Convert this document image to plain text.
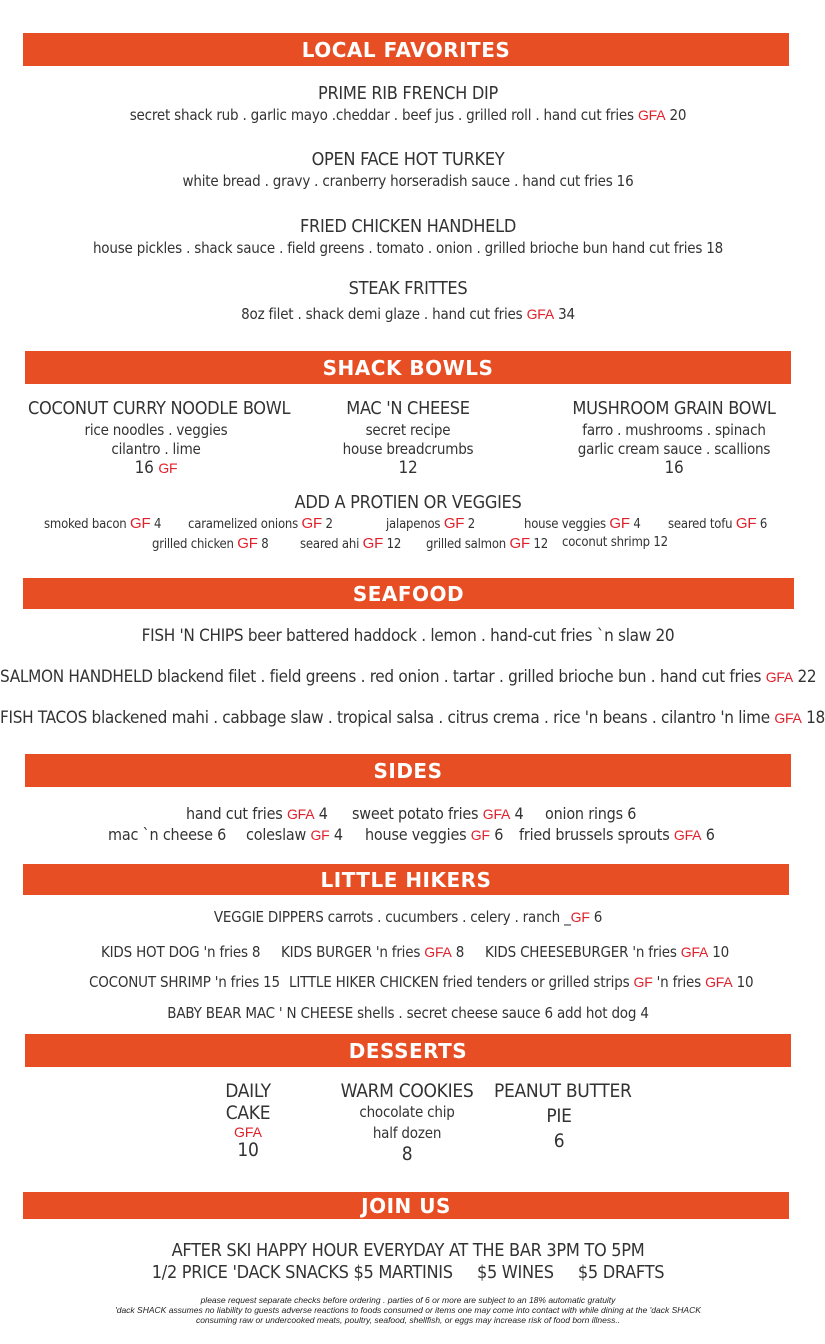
LOCAL FAVORITES
PRIME RIB FRENCH DIP
secret shack rub . garlic mayo .cheddar . beef jus . grilled roll . hand cut fries GFA 20
OPEN FACE HOT TURKEY
white bread . gravy . cranberry horseradish sauce . hand cut fries 16
FRIED CHICKEN HANDHELD
house pickles . shack sauce . field greens . tomato . onion . grilled brioche bun hand cut fries 18
STEAK FRITTES
8oz filet . shack demi glaze . hand cut fries GFA 34
SHACK BOWLS
COCONUT CURRY NOODLE BOWL
rice noodles . veggies
cilantro . lime
16 GF
MAC 'N CHEESE
secret recipe
house breadcrumbs
12
MUSHROOM GRAIN BOWL
farro . mushrooms . spinach
garlic cream sauce . scallions
16
ADD A PROTIEN OR VEGGIES
smoked bacon GF 4 caramelized onions GF 2	jalapenos GF 2	house veggies GF 4 seared tofu GF 6
grilled chicken GF 8 seared ahi GF 12 grilled salmon GF 12 coconut shrimp 12
SEAFOOD
FISH 'N CHIPS beer battered haddock . lemon . hand-cut fries `n slaw 20
SALMON HANDHELD blackend filet . field greens . red onion . tartar . grilled brioche bun . hand cut fries GFA 22
FISH TACOS blackened mahi . cabbage slaw . tropical salsa . citrus crema . rice 'n beans . cilantro 'n lime GFA 18
SIDES
hand cut fries GFA 4 sweet potato fries GFA 4 onion rings 6
mac `n cheese 6 coleslaw GF 4 house veggies GF 6 fried brussels sprouts GFA 6
LITTLE HIKERS
VEGGIE DIPPERS carrots . cucumbers . celery . ranch _GF 6
KIDS HOT DOG 'n fries 8 KIDS BURGER 'n fries GFA 8 KIDS CHEESEBURGER 'n fries GFA 10
COCONUT SHRIMP 'n fries 15 LITTLE HIKER CHICKEN fried tenders or grilled strips GF 'n fries GFA 10
BABY BEAR MAC ' N CHEESE shells . secret cheese sauce 6 add hot dog 4
DESSERTS
DAILY
CAKE
GFA
10
WARM COOKIES
chocolate chip
half dozen
8
PEANUT BUTTER
PIE
6
JOIN US
AFTER SKI HAPPY HOUR EVERYDAY AT THE BAR 3PM TO 5PM
1/2 PRICE 'DACK SNACKS $5 MARTINIS     $5 WINES     $5 DRAFTS
please request separate checks before ordering . parties of 6 or more are subject to an 18% automatic gratuity
'dack SHACK assumes no liability to guests adverse reactions to foods consumed or items one may come into contact with while dining at the 'dack SHACK
consuming raw or undercooked meats, poultry, seafood, shellfish, or eggs may increase risk of food born illness..
